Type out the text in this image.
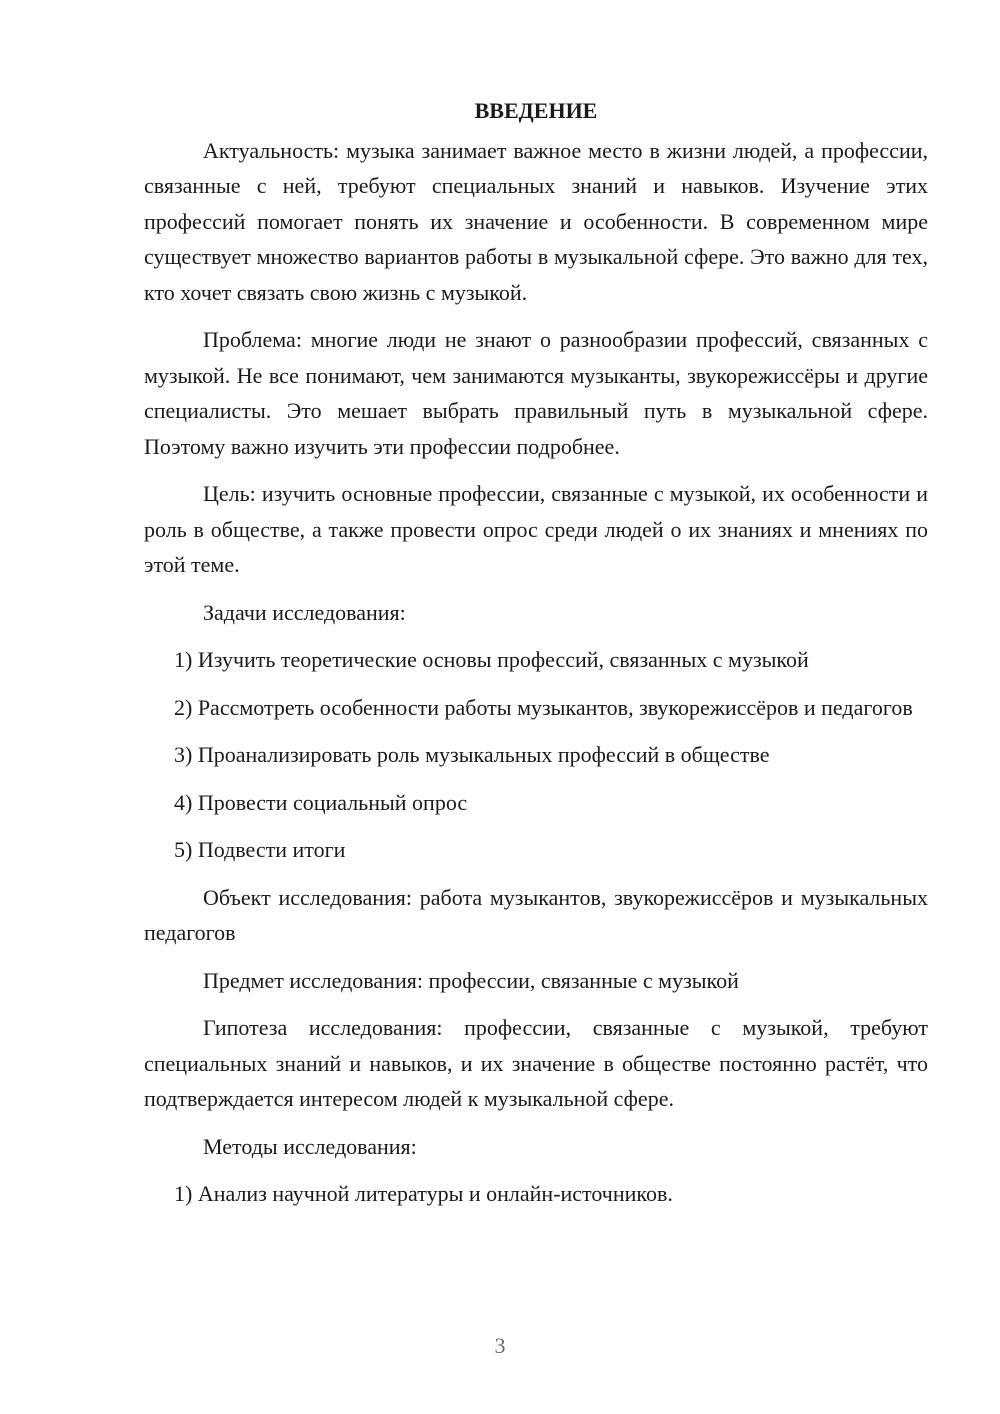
ВВЕДЕНИЕ

Актуальность: музыка занимает важное место в жизни людей, а профессии, связанные с ней, требуют специальных знаний и навыков. Изучение этих профессий помогает понять их значение и особенности. В современном мире существует множество вариантов работы в музыкальной сфере. Это важно для тех, кто хочет связать свою жизнь с музыкой.

Проблема: многие люди не знают о разнообразии профессий, связанных с музыкой. Не все понимают, чем занимаются музыканты, звукорежиссёры и другие специалисты. Это мешает выбрать правильный путь в музыкальной сфере. Поэтому важно изучить эти профессии подробнее.

Цель: изучить основные профессии, связанные с музыкой, их особенности и роль в обществе, а также провести опрос среди людей о их знаниях и мнениях по этой теме.

Задачи исследования:

1) Изучить теоретические основы профессий, связанных с музыкой

2) Рассмотреть особенности работы музыкантов, звукорежиссёров и педагогов

3) Проанализировать роль музыкальных профессий в обществе

4) Провести социальный опрос

5) Подвести итоги

Объект исследования: работа музыкантов, звукорежиссёров и музыкальных педагогов

Предмет исследования: профессии, связанные с музыкой

Гипотеза исследования: профессии, связанные с музыкой, требуют специальных знаний и навыков, и их значение в обществе постоянно растёт, что подтверждается интересом людей к музыкальной сфере.

Методы исследования:

1) Анализ научной литературы и онлайн-источников.

3
